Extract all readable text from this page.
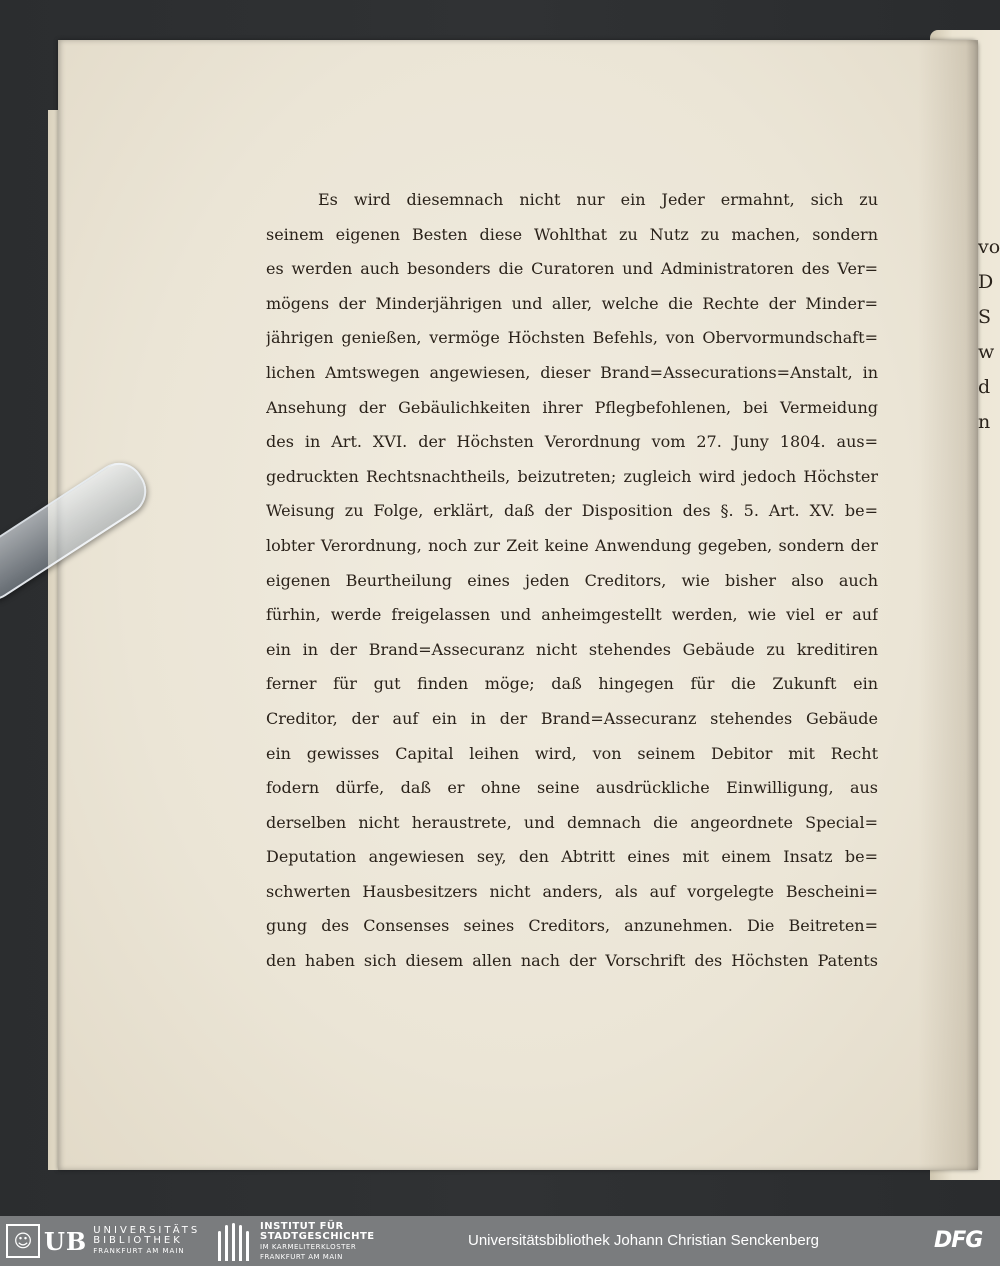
vo
D
S
w
d
n
Es wird diesemnach nicht nur ein Jeder ermahnt, sich zu
seinem eigenen Besten diese Wohlthat zu Nutz zu machen, sondern
es werden auch besonders die Curatoren und Administratoren des Ver=
mögens der Minderjährigen und aller, welche die Rechte der Minder=
jährigen genießen, vermöge Höchsten Befehls, von Obervormundschaft=
lichen Amtswegen angewiesen, dieser Brand=Assecurations=Anstalt, in
Ansehung der Gebäulichkeiten ihrer Pflegbefohlenen, bei Vermeidung
des in Art. XVI. der Höchsten Verordnung vom 27. Juny 1804. aus=
gedruckten Rechtsnachtheils, beizutreten; zugleich wird jedoch Höchster
Weisung zu Folge, erklärt, daß der Disposition des §. 5. Art. XV. be=
lobter Verordnung, noch zur Zeit keine Anwendung gegeben, sondern der
eigenen Beurtheilung eines jeden Creditors, wie bisher also auch
fürhin, werde freigelassen und anheimgestellt werden, wie viel er auf
ein in der Brand=Assecuranz nicht stehendes Gebäude zu kreditiren
ferner für gut finden möge; daß hingegen für die Zukunft ein
Creditor, der auf ein in der Brand=Assecuranz stehendes Gebäude
ein gewisses Capital leihen wird, von seinem Debitor mit Recht
fodern dürfe, daß er ohne seine ausdrückliche Einwilligung, aus
derselben nicht heraustrete, und demnach die angeordnete Special=
Deputation angewiesen sey, den Abtritt eines mit einem Insatz be=
schwerten Hausbesitzers nicht anders, als auf vorgelegte Bescheini=
gung des Consenses seines Creditors, anzunehmen. Die Beitreten=
den haben sich diesem allen nach der Vorschrift des Höchsten Patents
☺ UB UNIVERSITÄTS
BIBLIOTHEK
FRANKFURT AM MAIN
INSTITUT FÜR
STADTGESCHICHTE
IM KARMELITERKLOSTER
FRANKFURT AM MAIN
Universitätsbibliothek Johann Christian Senckenberg	DFG
